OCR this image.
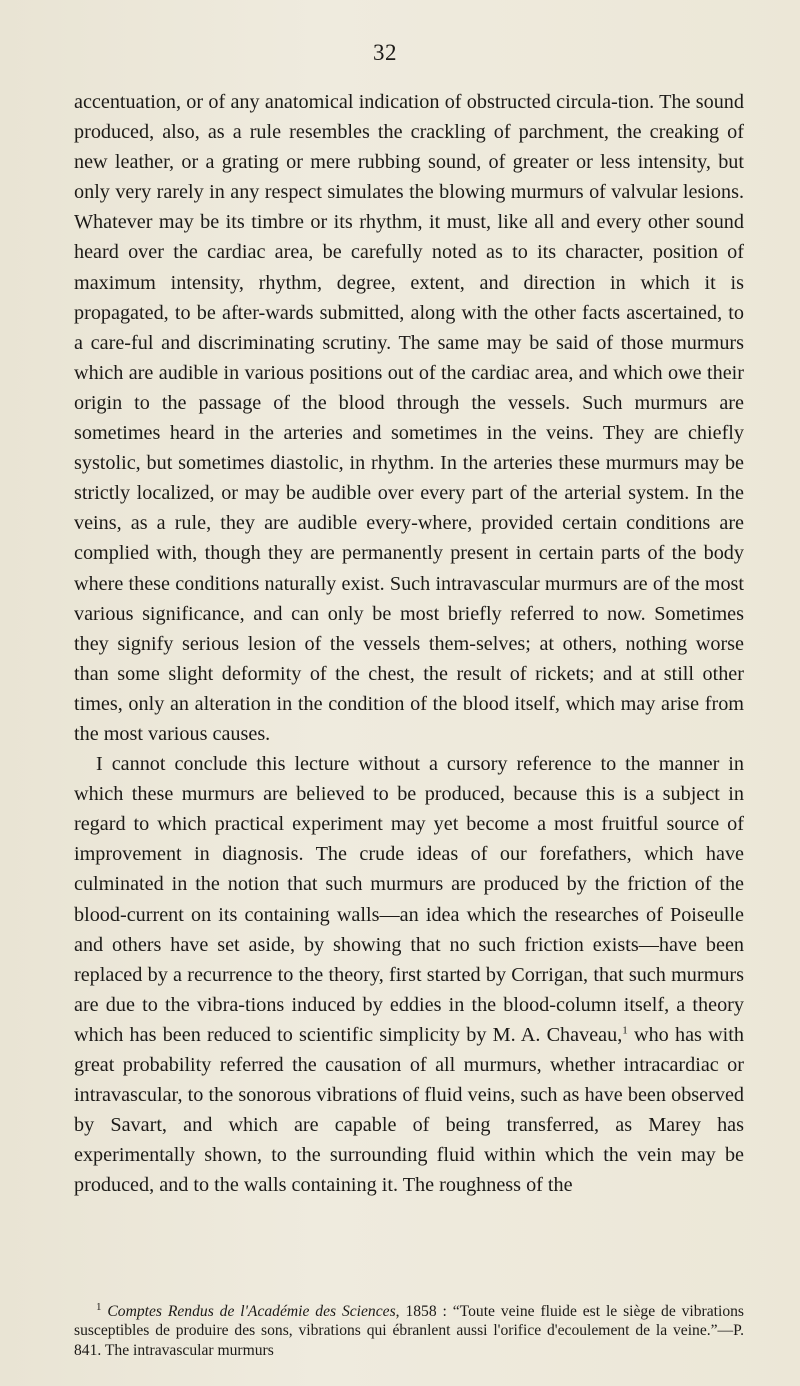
32

accentuation, or of any anatomical indication of obstructed circula-tion. The sound produced, also, as a rule resembles the crackling of parchment, the creaking of new leather, or a grating or mere rubbing sound, of greater or less intensity, but only very rarely in any respect simulates the blowing murmurs of valvular lesions. Whatever may be its timbre or its rhythm, it must, like all and every other sound heard over the cardiac area, be carefully noted as to its character, position of maximum intensity, rhythm, degree, extent, and direction in which it is propagated, to be after-wards submitted, along with the other facts ascertained, to a care-ful and discriminating scrutiny. The same may be said of those murmurs which are audible in various positions out of the cardiac area, and which owe their origin to the passage of the blood through the vessels. Such murmurs are sometimes heard in the arteries and sometimes in the veins. They are chiefly systolic, but sometimes diastolic, in rhythm. In the arteries these murmurs may be strictly localized, or may be audible over every part of the arterial system. In the veins, as a rule, they are audible every-where, provided certain conditions are complied with, though they are permanently present in certain parts of the body where these conditions naturally exist. Such intravascular murmurs are of the most various significance, and can only be most briefly referred to now. Sometimes they signify serious lesion of the vessels them-selves; at others, nothing worse than some slight deformity of the chest, the result of rickets; and at still other times, only an alteration in the condition of the blood itself, which may arise from the most various causes.

I cannot conclude this lecture without a cursory reference to the manner in which these murmurs are believed to be produced, because this is a subject in regard to which practical experiment may yet become a most fruitful source of improvement in diagnosis. The crude ideas of our forefathers, which have culminated in the notion that such murmurs are produced by the friction of the blood-current on its containing walls—an idea which the researches of Poiseulle and others have set aside, by showing that no such friction exists—have been replaced by a recurrence to the theory, first started by Corrigan, that such murmurs are due to the vibra-tions induced by eddies in the blood-column itself, a theory which has been reduced to scientific simplicity by M. A. Chaveau,$^1$ who has with great probability referred the causation of all murmurs, whether intracardiac or intravascular, to the sonorous vibrations of fluid veins, such as have been observed by Savart, and which are capable of being transferred, as Marey has experimentally shown, to the surrounding fluid within which the vein may be produced, and to the walls containing it. The roughness of the

$^1$ Comptes Rendus de l'Académie des Sciences, 1858 : “Toute veine fluide est le siège de vibrations susceptibles de produire des sons, vibrations qui ébranlent aussi l'orifice d'ecoulement de la veine.”—P. 841. The intravascular murmurs
